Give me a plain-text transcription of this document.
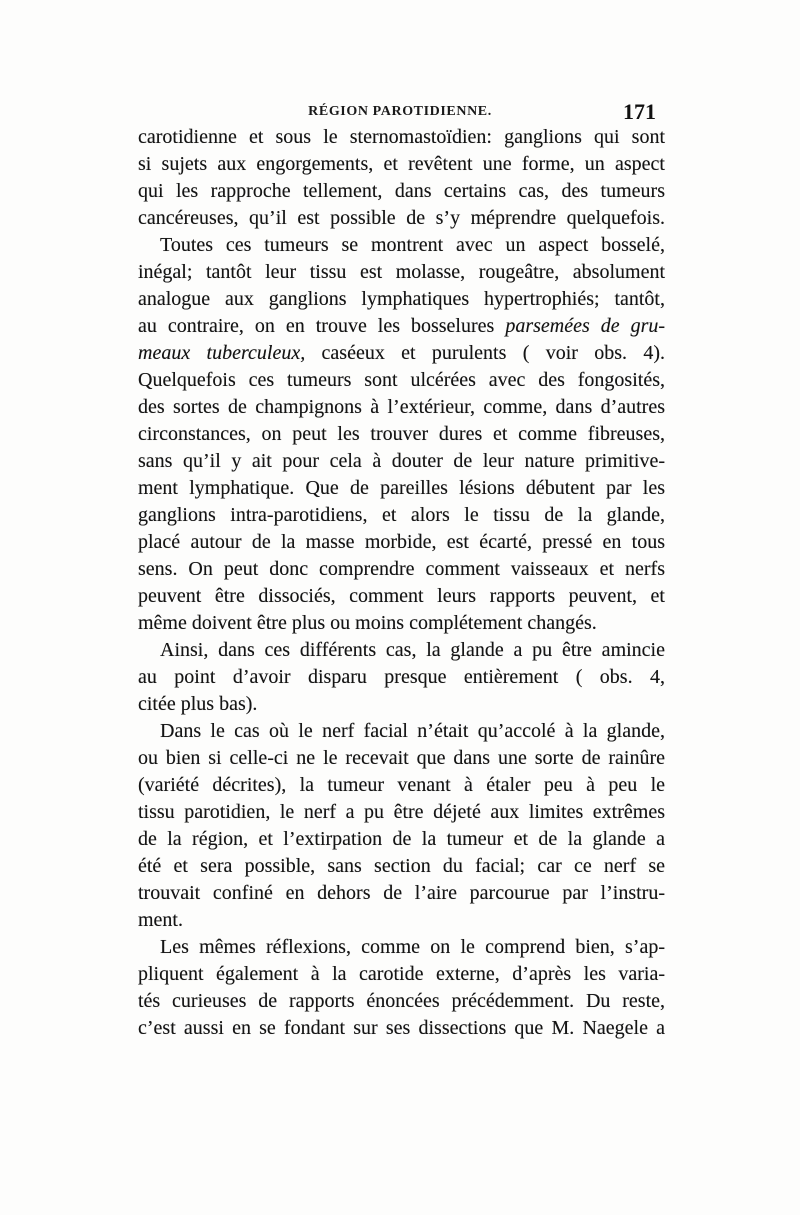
RÉGION PAROTIDIENNE.	171
carotidienne et sous le sternomastoïdien: ganglions qui sont
si sujets aux engorgements, et revêtent une forme, un aspect
qui les rapproche tellement, dans certains cas, des tumeurs
cancéreuses, qu’il est possible de s’y méprendre quelquefois.
Toutes ces tumeurs se montrent avec un aspect bosselé,
inégal; tantôt leur tissu est molasse, rougeâtre, absolument
analogue aux ganglions lymphatiques hypertrophiés; tantôt,
au contraire, on en trouve les bosselures parsemées de gru-
meaux tuberculeux, caséeux et purulents ( voir obs. 4).
Quelquefois ces tumeurs sont ulcérées avec des fongosités,
des sortes de champignons à l’extérieur, comme, dans d’autres
circonstances, on peut les trouver dures et comme fibreuses,
sans qu’il y ait pour cela à douter de leur nature primitive-
ment lymphatique. Que de pareilles lésions débutent par les
ganglions intra-parotidiens, et alors le tissu de la glande,
placé autour de la masse morbide, est écarté, pressé en tous
sens. On peut donc comprendre comment vaisseaux et nerfs
peuvent être dissociés, comment leurs rapports peuvent, et
même doivent être plus ou moins complétement changés.
Ainsi, dans ces différents cas, la glande a pu être amincie
au point d’avoir disparu presque entièrement ( obs. 4,
citée plus bas).
Dans le cas où le nerf facial n’était qu’accolé à la glande,
ou bien si celle-ci ne le recevait que dans une sorte de rainûre
(variété décrites), la tumeur venant à étaler peu à peu le
tissu parotidien, le nerf a pu être déjeté aux limites extrêmes
de la région, et l’extirpation de la tumeur et de la glande a
été et sera possible, sans section du facial; car ce nerf se
trouvait confiné en dehors de l’aire parcourue par l’instru-
ment.
Les mêmes réflexions, comme on le comprend bien, s’ap-
pliquent également à la carotide externe, d’après les varia-
tés curieuses de rapports énoncées précédemment. Du reste,
c’est aussi en se fondant sur ses dissections que M. Naegele a
